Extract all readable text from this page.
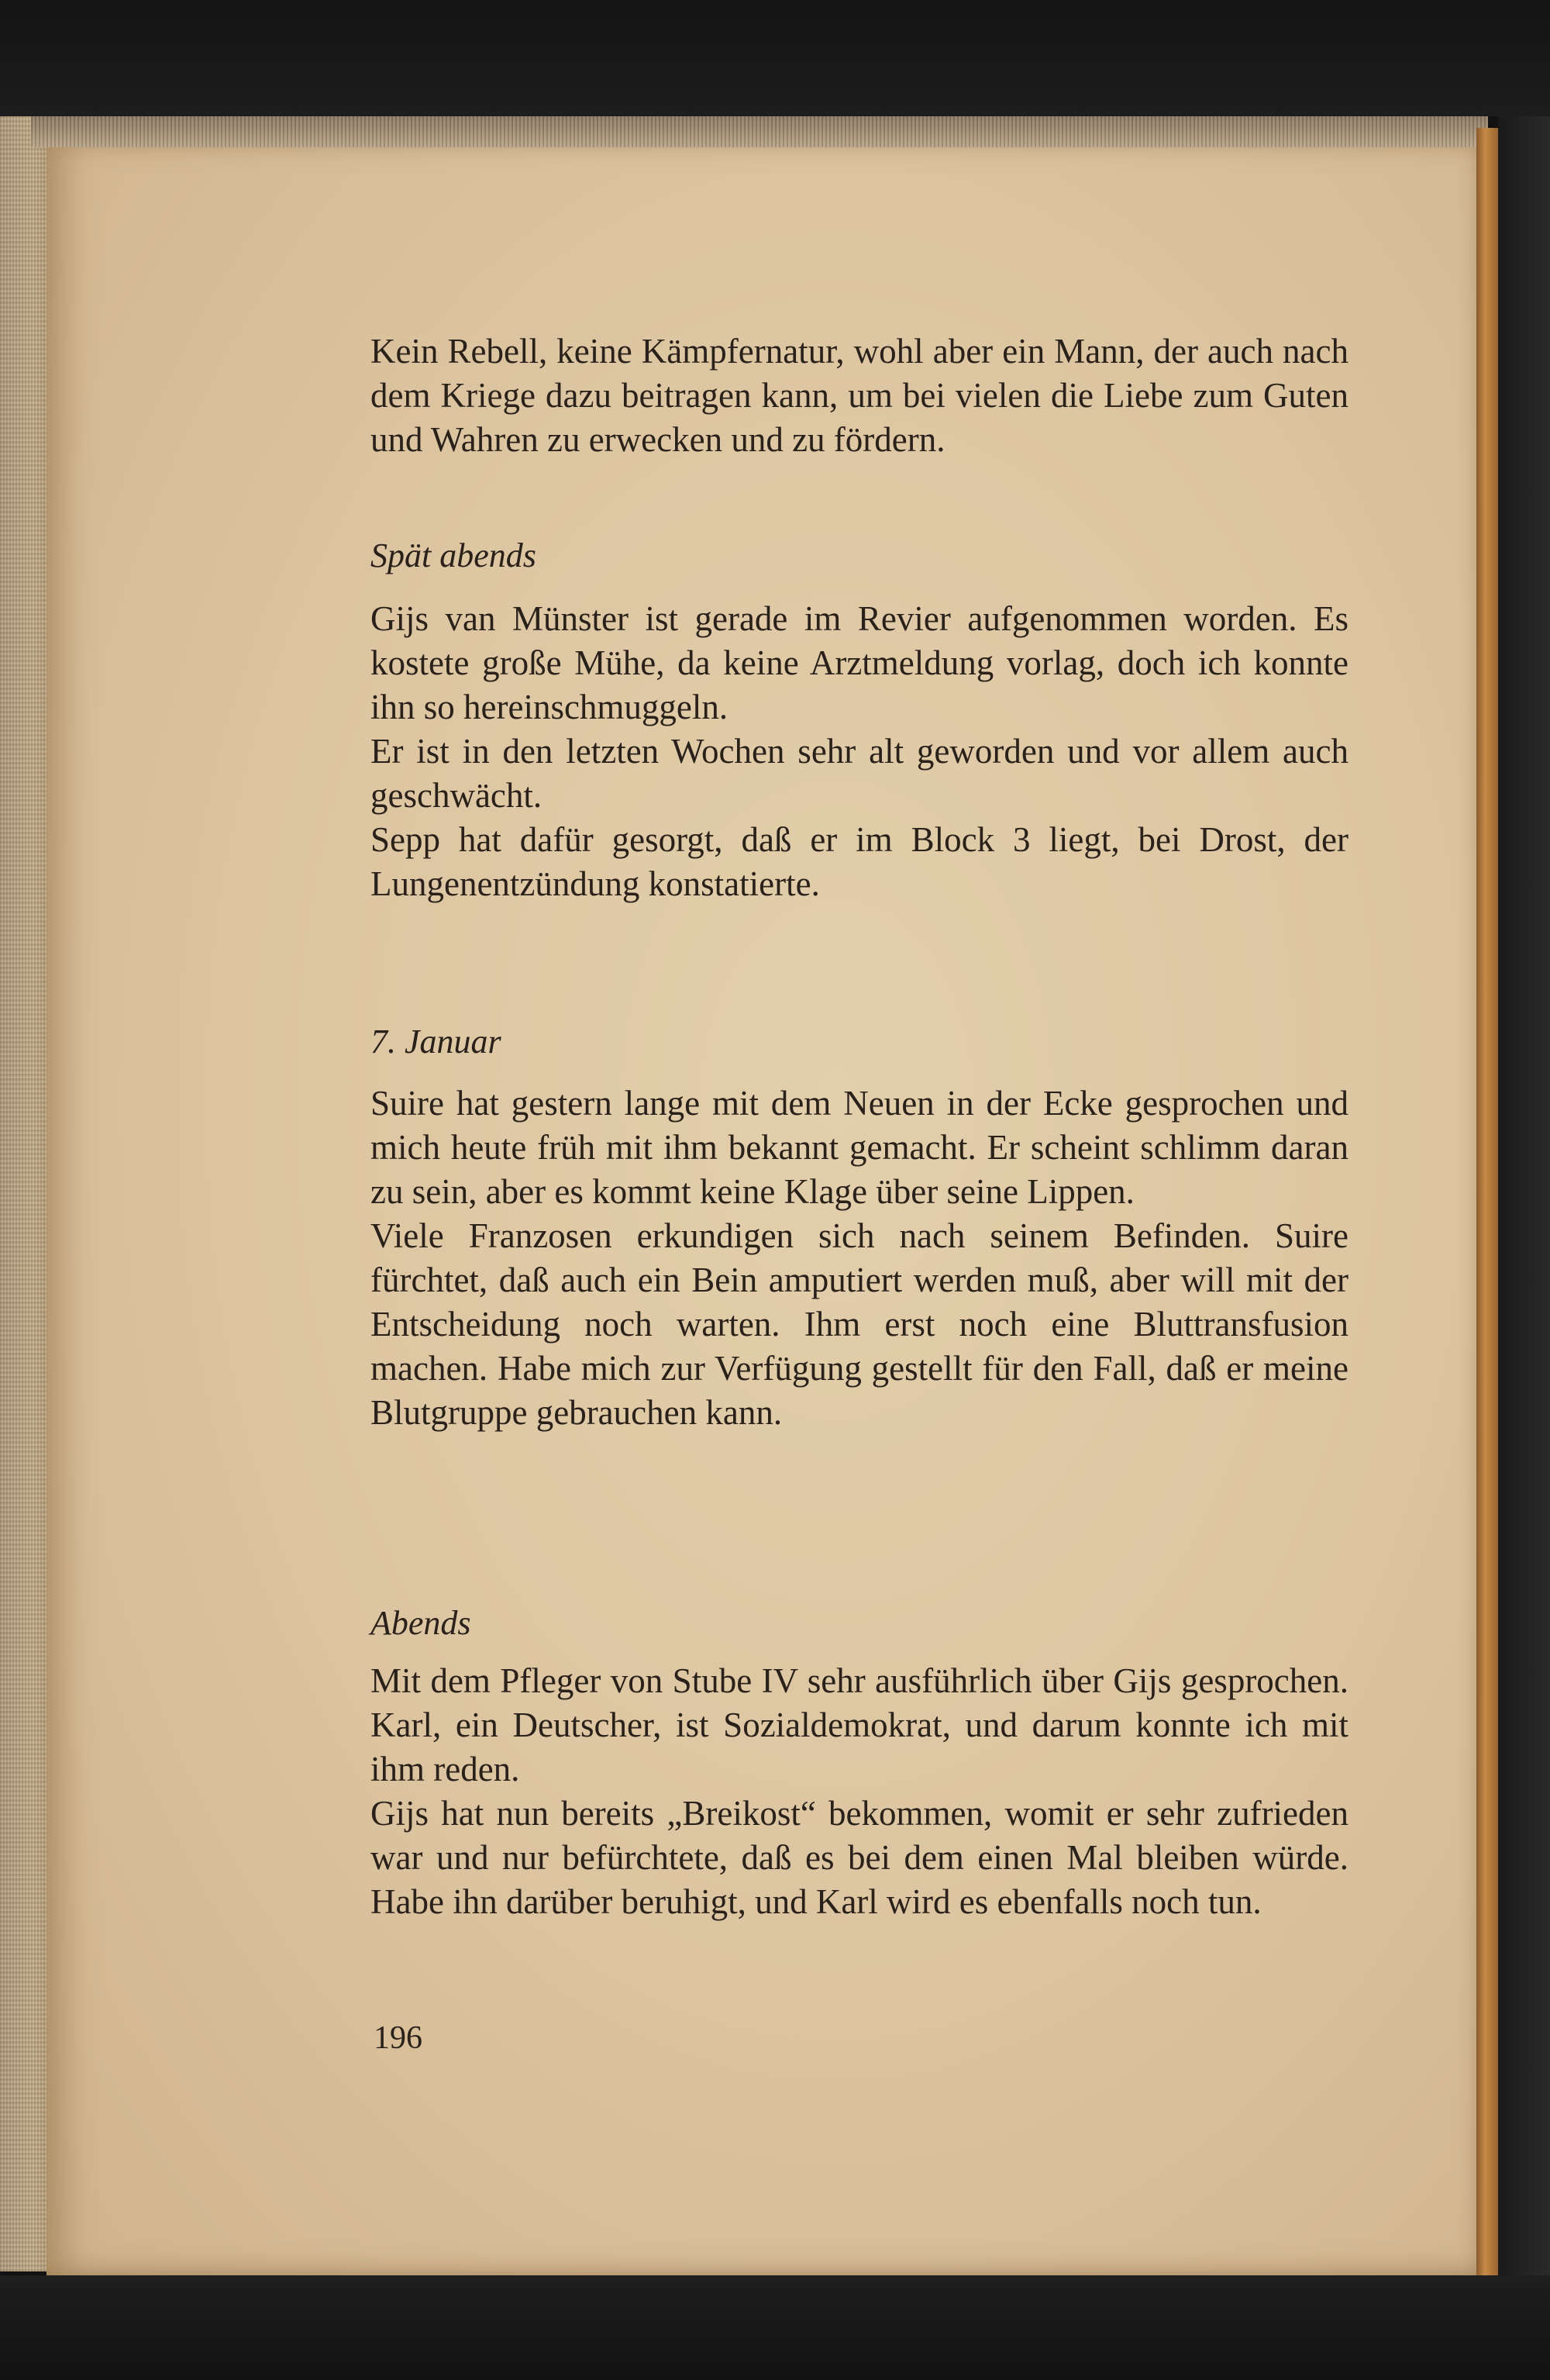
Kein Rebell, keine Kämpfernatur, wohl aber ein Mann, der auch nach dem Kriege dazu beitragen kann, um bei vielen die Liebe zum Guten und Wahren zu erwecken und zu fördern.

Spät abends

Gijs van Münster ist gerade im Revier aufgenommen worden. Es kostete große Mühe, da keine Arztmeldung vorlag, doch ich konnte ihn so hereinschmuggeln.

Er ist in den letzten Wochen sehr alt geworden und vor allem auch geschwächt.

Sepp hat dafür gesorgt, daß er im Block 3 liegt, bei Drost, der Lungenentzündung konstatierte.

7. Januar

Suire hat gestern lange mit dem Neuen in der Ecke gesprochen und mich heute früh mit ihm bekannt gemacht. Er scheint schlimm daran zu sein, aber es kommt keine Klage über seine Lippen.

Viele Franzosen erkundigen sich nach seinem Befinden. Suire fürchtet, daß auch ein Bein amputiert werden muß, aber will mit der Entscheidung noch warten. Ihm erst noch eine Bluttransfusion machen. Habe mich zur Verfügung gestellt für den Fall, daß er meine Blutgruppe gebrauchen kann.

Abends

Mit dem Pfleger von Stube IV sehr ausführlich über Gijs gesprochen. Karl, ein Deutscher, ist Sozialdemokrat, und darum konnte ich mit ihm reden.

Gijs hat nun bereits „Breikost“ bekommen, womit er sehr zufrieden war und nur befürchtete, daß es bei dem einen Mal bleiben würde. Habe ihn darüber beruhigt, und Karl wird es ebenfalls noch tun.

196
